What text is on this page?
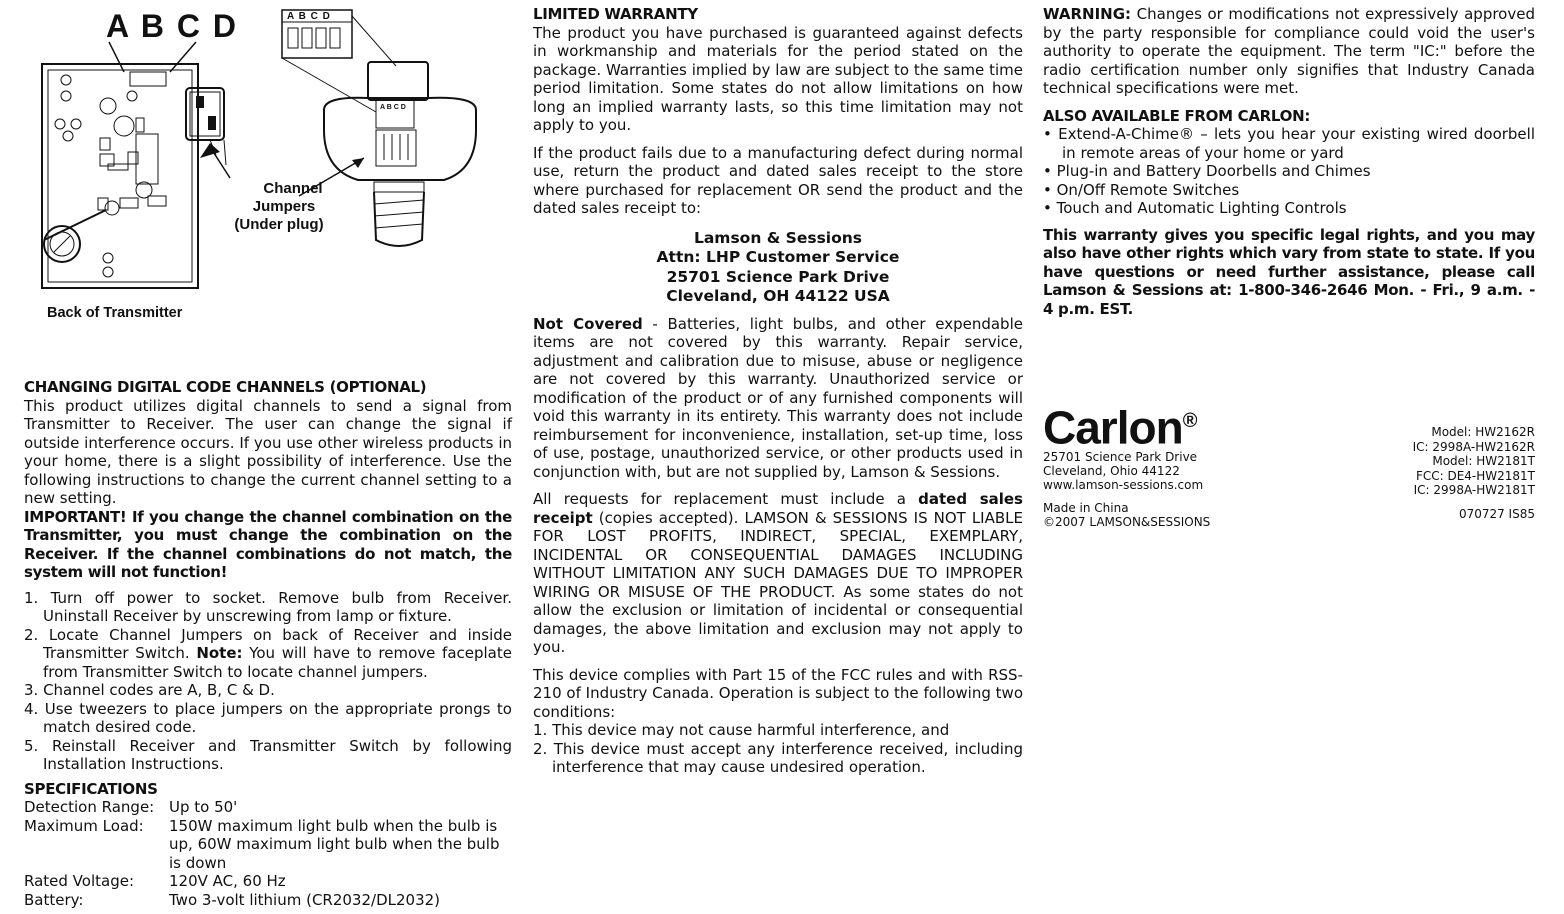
A B C D	A B C D
A B C D
Channel
Jumpers
(Under plug)
Back of Transmitter

CHANGING DIGITAL CODE CHANNELS (OPTIONAL)

This product utilizes digital channels to send a signal from Transmitter to Receiver. The user can change the signal if outside interference occurs. If you use other wireless products in your home, there is a slight possibility of interference. Use the following instructions to change the current channel setting to a new setting.

IMPORTANT! If you change the channel combination on the Transmitter, you must change the combination on the Receiver. If the channel combinations do not match, the system will not function!

1. Turn off power to socket. Remove bulb from Receiver. Uninstall Receiver by unscrewing from lamp or fixture.
2. Locate Channel Jumpers on back of Receiver and inside Transmitter Switch. Note: You will have to remove faceplate from Transmitter Switch to locate channel jumpers.
3. Channel codes are A, B, C & D.
4. Use tweezers to place jumpers on the appropriate prongs to match desired code.
5. Reinstall Receiver and Transmitter Switch by following Installation Instructions.

SPECIFICATIONS

Detection Range: Up to 50'
Maximum Load:	150W maximum light bulb when the bulb is up, 60W maximum light bulb when the bulb is down
Rated Voltage:	120V AC, 60 Hz
Battery:	Two 3-volt lithium (CR2032/DL2032)

LIMITED WARRANTY

The product you have purchased is guaranteed against defects in workmanship and materials for the period stated on the package. Warranties implied by law are subject to the same time period limitation. Some states do not allow limitations on how long an implied warranty lasts, so this time limitation may not apply to you.

If the product fails due to a manufacturing defect during normal use, return the product and dated sales receipt to the store where purchased for replacement OR send the product and the dated sales receipt to:

Lamson & Sessions

Attn: LHP Customer Service

25701 Science Park Drive

Cleveland, OH 44122 USA

Not Covered - Batteries, light bulbs, and other expendable items are not covered by this warranty. Repair service, adjustment and calibration due to misuse, abuse or negligence are not covered by this warranty. Unauthorized service or modification of the product or of any furnished components will void this warranty in its entirety. This warranty does not include reimbursement for inconvenience, installation, set-up time, loss of use, postage, unauthorized service, or other products used in conjunction with, but are not supplied by, Lamson & Sessions.

All requests for replacement must include a dated sales receipt (copies accepted). LAMSON & SESSIONS IS NOT LIABLE FOR LOST PROFITS, INDIRECT, SPECIAL, EXEMPLARY, INCIDENTAL OR CONSEQUENTIAL DAMAGES INCLUDING WITHOUT LIMITATION ANY SUCH DAMAGES DUE TO IMPROPER WIRING OR MISUSE OF THE PRODUCT. As some states do not allow the exclusion or limitation of incidental or consequential damages, the above limitation and exclusion may not apply to you.

This device complies with Part 15 of the FCC rules and with RSS-210 of Industry Canada. Operation is subject to the following two conditions:

1. This device may not cause harmful interference, and
2. This device must accept any interference received, including interference that may cause undesired operation.

WARNING: Changes or modifications not expressively approved by the party responsible for compliance could void the user's authority to operate the equipment. The term "IC:" before the radio certification number only signifies that Industry Canada technical specifications were met.

ALSO AVAILABLE FROM CARLON:

• Extend-A-Chime® – lets you hear your existing wired doorbell in remote areas of your home or yard
• Plug-in and Battery Doorbells and Chimes
• On/Off Remote Switches
• Touch and Automatic Lighting Controls

This warranty gives you specific legal rights, and you may also have other rights which vary from state to state. If you have questions or need further assistance, please call Lamson & Sessions at: 1-800-346-2646 Mon. - Fri., 9 a.m. - 4 p.m. EST.

Carlon®
25701 Science Park Drive
Cleveland, Ohio 44122
www.lamson-sessions.com
Made in China
©2007 LAMSON&SESSIONS
Model: HW2162R
IC: 2998A-HW2162R
Model: HW2181T
FCC: DE4-HW2181T
IC: 2998A-HW2181T
070727 IS85
